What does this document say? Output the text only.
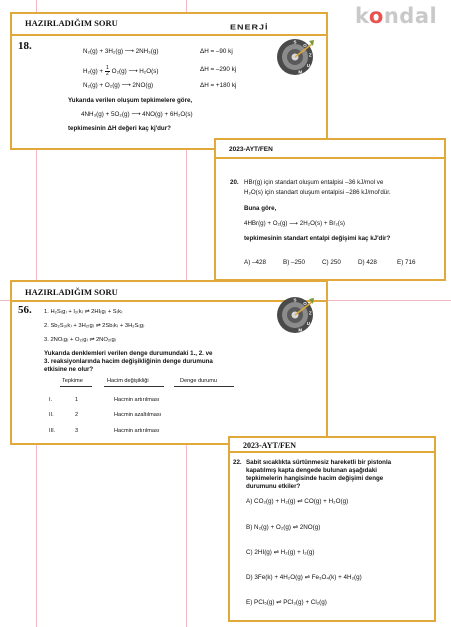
kondal
HAZIRLADIĞIM SORU	ENERJİ
18.	N₂(g) + 3H₂(g) ⟶ 2NH₃(g)	ΔH = –90 kj
$H_2(g) + \frac{1}{2} O_2(g)$ ⟶ H₂O(s)	ΔH = –290 kj
N₂(g) + O₂(g) ⟶ 2NO(g)	ΔH = +180 kj
Yukarıda verilen oluşum tepkimelere göre,
4NH₃(g) + 5O₂(g) ⟶ 4NO(g) + 6H₂O(s)
tepkimesinin ΔH değeri kaç kj'dur?
S
O
Z
U
M
2023-AYT/FEN
20. HBr(g) için standart oluşum entalpisi –36 kJ/mol ve
H₂O(s) için standart oluşum entalpisi –286 kJ/mol'dür.
Buna göre,
4HBr(g) + O₂(g) ⟶ 2H₂O(s) + Br₂(s)
tepkimesinin standart entalpi değişimi kaç kJ'dir?
A) –428	B) –250	C) 250	D) 428	E) 716
HAZIRLADIĞIM SORU
56. 1. H₂S₍g₎ + I₂₍k₎ ⇌ 2HI₍g₎ + S₍k₎
2. Sb₂S₃₍k₎ + 3H₂₍g₎ ⇌ 2Sb₍k₎ + 3H₂S₍g₎
3. 2NO₍g₎ + O₂₍g₎ ⇌ 2NO₂₍g₎
Yukarıda denklemleri verilen denge durumundaki 1., 2. ve
3. reaksiyonlarında hacim değişikliğinin denge durumuna
etkisine ne olur?
Tepkime	Hacim değişikliği	Denge durumu
I.	1	Hacmin artırılması
II.	2	Hacmin azaltılması
III.	3	Hacmin artırılması
S
O
Z
U
M
2023-AYT/FEN
22. Sabit sıcaklıkta sürtünmesiz hareketli bir pistonla
kapatılmış kapta dengede bulunan aşağıdaki
tepkimelerin hangisinde hacim değişimi denge
durumunu etkiler?
A) CO₂(g) + H₂(g) ⇌ CO(g) + H₂O(g)
B) N₂(g) + O₂(g) ⇌ 2NO(g)
C) 2HI(g) ⇌ H₂(g) + I₂(g)
D) 3Fe(k) + 4H₂O(g) ⇌ Fe₃O₄(k) + 4H₂(g)
E) PCl₅(g) ⇌ PCl₃(g) + Cl₂(g)
